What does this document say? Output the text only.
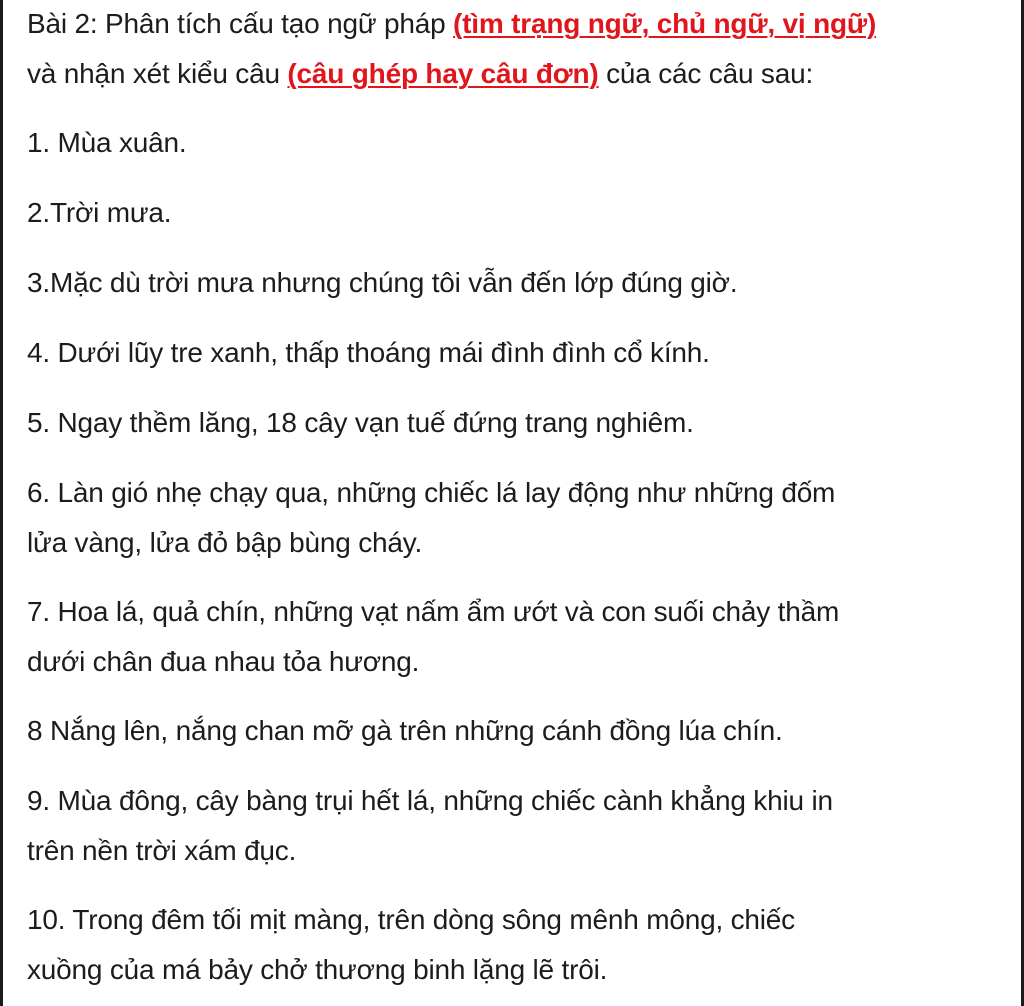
Bài 2: Phân tích cấu tạo ngữ pháp (tìm trạng ngữ, chủ ngữ, vị ngữ)
và nhận xét kiểu câu (câu ghép hay câu đơn) của các câu sau:
1. Mùa xuân.
2.Trời mưa.
3.Mặc dù trời mưa nhưng chúng tôi vẫn đến lớp đúng giờ.
4. Dưới lũy tre xanh, thấp thoáng mái đình đình cổ kính.
5. Ngay thềm lăng, 18 cây vạn tuế đứng trang nghiêm.
6. Làn gió nhẹ chạy qua, những chiếc lá lay động như những đốm
lửa vàng, lửa đỏ bập bùng cháy.
7. Hoa lá, quả chín, những vạt nấm ẩm ướt và con suối chảy thầm
dưới chân đua nhau tỏa hương.
8 Nắng lên, nắng chan mỡ gà trên những cánh đồng lúa chín.
9. Mùa đông, cây bàng trụi hết lá, những chiếc cành khẳng khiu in
trên nền trời xám đục.
10. Trong đêm tối mịt màng, trên dòng sông mênh mông, chiếc
xuồng của má bảy chở thương binh lặng lẽ trôi.
